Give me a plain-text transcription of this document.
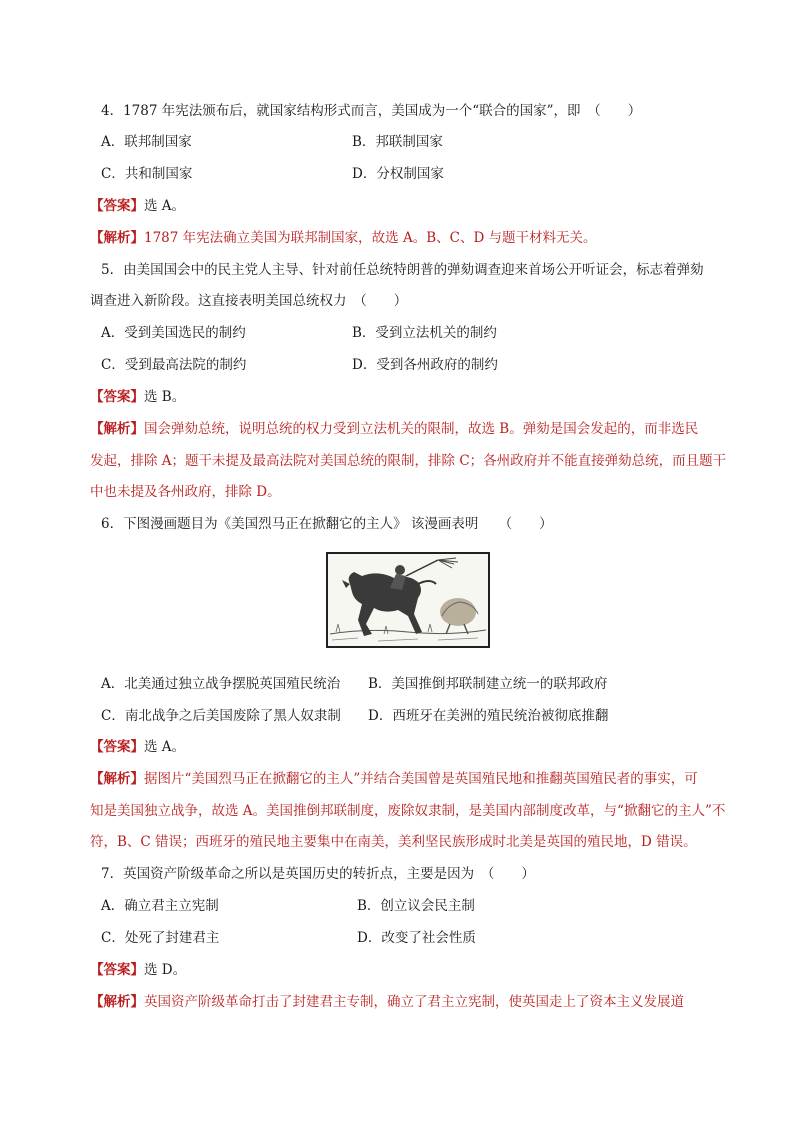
4．1787 年宪法颁布后，就国家结构形式而言，美国成为一个“联合的国家”，即　（　　）
A．联邦制国家	B．邦联制国家
C．共和制国家	D．分权制国家
【答案】选 A。
【解析】1787 年宪法确立美国为联邦制国家，故选 A。B、C、D 与题干材料无关。
5．由美国国会中的民主党人主导、针对前任总统特朗普的弹劾调查迎来首场公开听证会，标志着弹劾
调查进入新阶段。这直接表明美国总统权力　（　　）
A．受到美国选民的制约	B．受到立法机关的制约
C．受到最高法院的制约	D．受到各州政府的制约
【答案】选 B。
【解析】国会弹劾总统，说明总统的权力受到立法机关的限制，故选 B。弹劾是国会发起的，而非选民
发起，排除 A；题干未提及最高法院对美国总统的限制，排除 C；各州政府并不能直接弹劾总统，而且题干
中也未提及各州政府，排除 D。
6．下图漫画题目为《美国烈马正在掀翻它的主人》 该漫画表明　　（　　）
A．北美通过独立战争摆脱英国殖民统治 B．美国推倒邦联制建立统一的联邦政府
C．南北战争之后美国废除了黑人奴隶制 D．西班牙在美洲的殖民统治被彻底推翻
【答案】选 A。
【解析】据图片“美国烈马正在掀翻它的主人”并结合美国曾是英国殖民地和推翻英国殖民者的事实，可
知是美国独立战争，故选 A。美国推倒邦联制度，废除奴隶制，是美国内部制度改革，与“掀翻它的主人”不
符，B、C 错误；西班牙的殖民地主要集中在南美，美利坚民族形成时北美是英国的殖民地，D 错误。
7．英国资产阶级革命之所以是英国历史的转折点，主要是因为　（　　）
A．确立君主立宪制	B．创立议会民主制
C．处死了封建君主	D．改变了社会性质
【答案】选 D。
【解析】英国资产阶级革命打击了封建君主专制，确立了君主立宪制，使英国走上了资本主义发展道
